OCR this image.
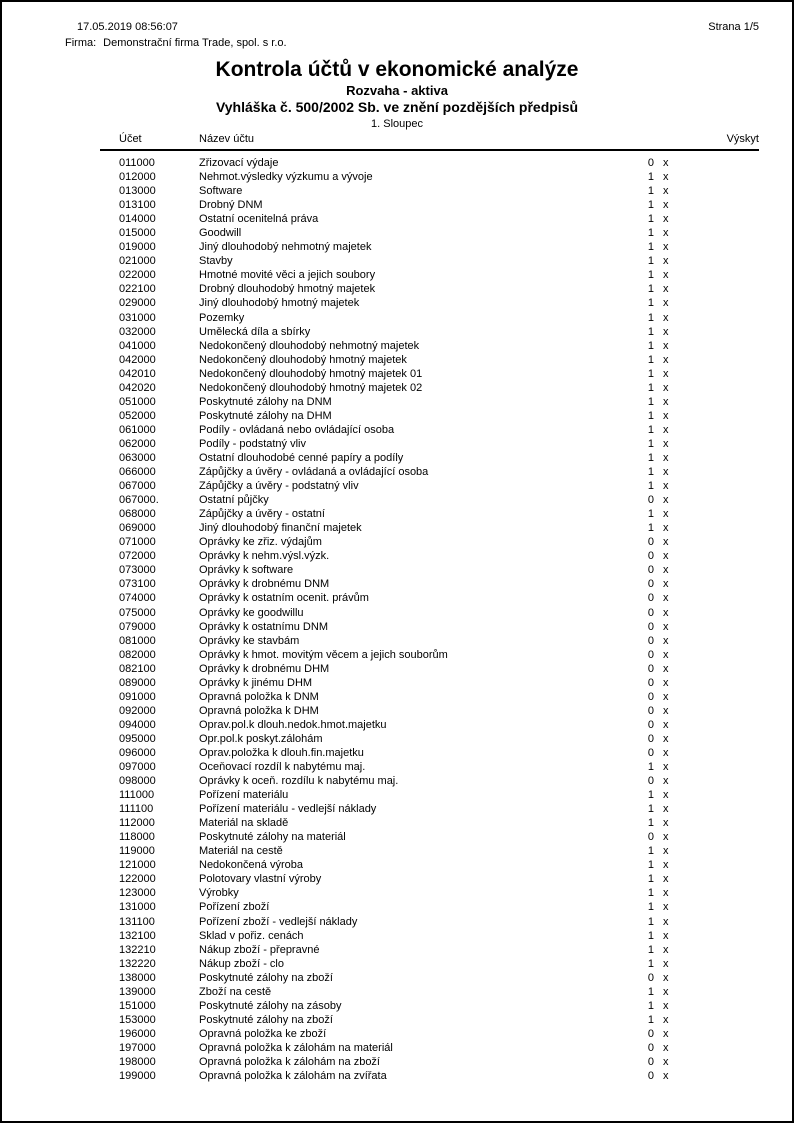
17.05.2019 08:56:07	Strana 1/5
Firma: Demonstrační firma Trade, spol. s r.o.
Kontrola účtů v ekonomické analýze
Rozvaha - aktiva
Vyhláška č. 500/2002 Sb. ve znění pozdějších předpisů
1. Sloupec
Účet	Název účtu	Výskyt
011000	Zřizovací výdaje	0 x
012000	Nehmot.výsledky výzkumu a vývoje	1 x
013000	Software	1 x
013100	Drobný DNM	1 x
014000	Ostatní ocenitelná práva	1 x
015000	Goodwill	1 x
019000	Jiný dlouhodobý nehmotný majetek	1 x
021000	Stavby	1 x
022000	Hmotné movité věci a jejich soubory	1 x
022100	Drobný dlouhodobý hmotný majetek	1 x
029000	Jiný dlouhodobý hmotný majetek	1 x
031000	Pozemky	1 x
032000	Umělecká díla a sbírky	1 x
041000	Nedokončený dlouhodobý nehmotný majetek	1 x
042000	Nedokončený dlouhodobý hmotný majetek	1 x
042010	Nedokončený dlouhodobý hmotný majetek 01	1 x
042020	Nedokončený dlouhodobý hmotný majetek 02	1 x
051000	Poskytnuté zálohy na DNM	1 x
052000	Poskytnuté zálohy na DHM	1 x
061000	Podíly - ovládaná nebo ovládající osoba	1 x
062000	Podíly - podstatný vliv	1 x
063000	Ostatní dlouhodobé cenné papíry a podíly	1 x
066000	Zápůjčky a úvěry - ovládaná a ovládající osoba	1 x
067000	Zápůjčky a úvěry - podstatný vliv	1 x
067000.	Ostatní půjčky	0 x
068000	Zápůjčky a úvěry - ostatní	1 x
069000	Jiný dlouhodobý finanční majetek	1 x
071000	Oprávky ke zřiz. výdajům	0 x
072000	Oprávky k nehm.výsl.výzk.	0 x
073000	Oprávky k software	0 x
073100	Oprávky k drobnému DNM	0 x
074000	Oprávky k ostatním ocenit. právům	0 x
075000	Oprávky ke goodwillu	0 x
079000	Oprávky k ostatnímu DNM	0 x
081000	Oprávky ke stavbám	0 x
082000	Oprávky k hmot. movitým věcem a jejich souborům	0 x
082100	Oprávky k drobnému DHM	0 x
089000	Oprávky k jinému DHM	0 x
091000	Opravná položka k DNM	0 x
092000	Opravná položka k DHM	0 x
094000	Oprav.pol.k dlouh.nedok.hmot.majetku	0 x
095000	Opr.pol.k poskyt.zálohám	0 x
096000	Oprav.položka k dlouh.fin.majetku	0 x
097000	Oceňovací rozdíl k nabytému maj.	1 x
098000	Oprávky k oceň. rozdílu k nabytému maj.	0 x
111000	Pořízení materiálu	1 x
111100	Pořízení materiálu - vedlejší náklady	1 x
112000	Materiál na skladě	1 x
118000	Poskytnuté zálohy na materiál	0 x
119000	Materiál na cestě	1 x
121000	Nedokončená výroba	1 x
122000	Polotovary vlastní výroby	1 x
123000	Výrobky	1 x
131000	Pořízení zboží	1 x
131100	Pořízení zboží - vedlejší náklady	1 x
132100	Sklad v pořiz. cenách	1 x
132210	Nákup zboží - přepravné	1 x
132220	Nákup zboží - clo	1 x
138000	Poskytnuté zálohy na zboží	0 x
139000	Zboží na cestě	1 x
151000	Poskytnuté zálohy na zásoby	1 x
153000	Poskytnuté zálohy na zboží	1 x
196000	Opravná položka ke zboží	0 x
197000	Opravná položka k zálohám na materiál	0 x
198000	Opravná položka k zálohám na zboží	0 x
199000	Opravná položka k zálohám na zvířata	0 x
